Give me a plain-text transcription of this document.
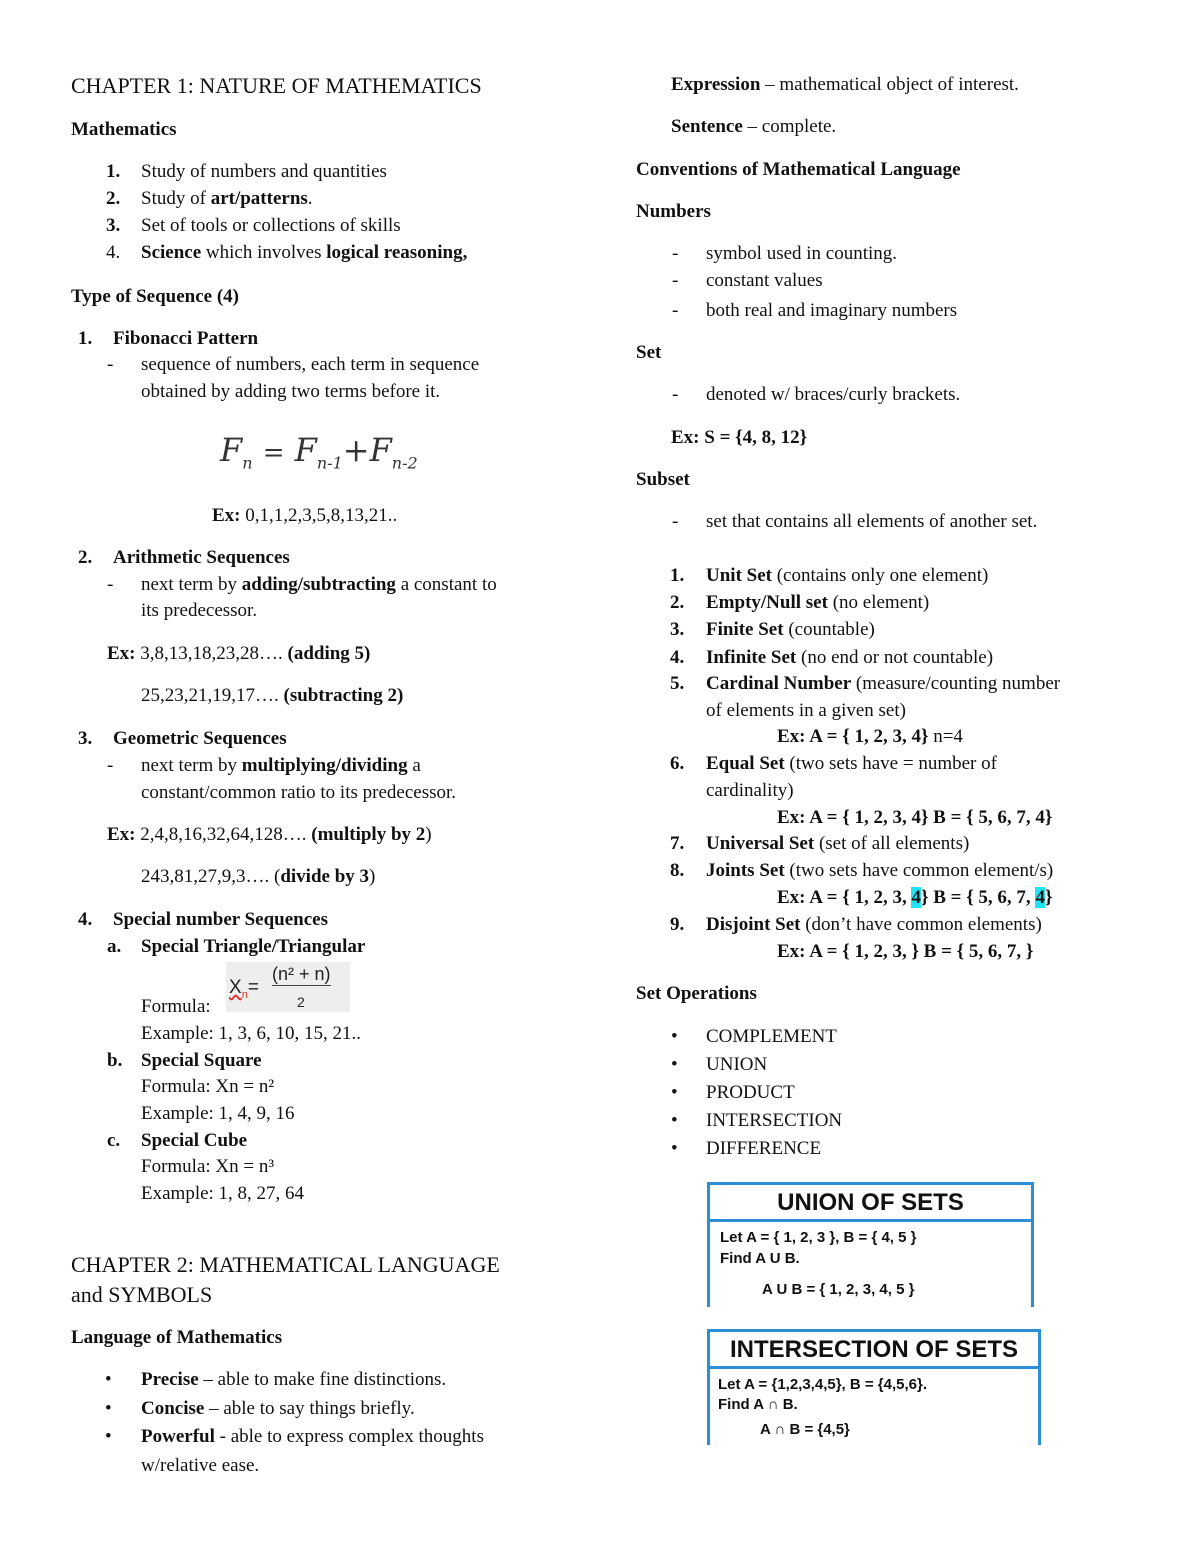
CHAPTER 1: NATURE OF MATHEMATICS
Mathematics
1. Study of numbers and quantities
2. Study of art/patterns.
3. Set of tools or collections of skills
4. Science which involves logical reasoning,
Type of Sequence (4)
1. Fibonacci Pattern
- sequence of numbers, each term in sequence
obtained by adding two terms before it.
$F_n = F_{n-1}+F_{n-2}$
Ex: 0,1,1,2,3,5,8,13,21..
2. Arithmetic Sequences
- next term by adding/subtracting a constant to
its predecessor.
Ex: 3,8,13,18,23,28…. (adding 5)
25,23,21,19,17…. (subtracting 2)
3. Geometric Sequences
- next term by multiplying/dividing a
constant/common ratio to its predecessor.
Ex: 2,4,8,16,32,64,128…. (multiply by 2)
243,81,27,9,3…. (divide by 3)
4. Special number Sequences
a. Special Triangle/Triangular
$X_n=$
(n² + n)
2
Formula:
Example: 1, 3, 6, 10, 15, 21..
b. Special Square
Formula: Xn = n²
Example: 1, 4, 9, 16
c. Special Cube
Formula: Xn = n³
Example: 1, 8, 27, 64
CHAPTER 2: MATHEMATICAL LANGUAGE
and SYMBOLS
Language of Mathematics
• Precise – able to make fine distinctions.
• Concise – able to say things briefly.
• Powerful - able to express complex thoughts
w/relative ease.
Expression – mathematical object of interest.
Sentence – complete.
Conventions of Mathematical Language
Numbers
- symbol used in counting.
- constant values
- both real and imaginary numbers
Set
- denoted w/ braces/curly brackets.
Ex: S = {4, 8, 12}
Subset
- set that contains all elements of another set.
1. Unit Set (contains only one element)
2. Empty/Null set (no element)
3. Finite Set (countable)
4. Infinite Set (no end or not countable)
5. Cardinal Number (measure/counting number
of elements in a given set)
Ex: A = { 1, 2, 3, 4} n=4
6. Equal Set (two sets have = number of
cardinality)
Ex: A = { 1, 2, 3, 4} B = { 5, 6, 7, 4}
7. Universal Set (set of all elements)
8. Joints Set (two sets have common element/s)
Ex: A = { 1, 2, 3, 4} B = { 5, 6, 7, 4}
9. Disjoint Set (don’t have common elements)
Ex: A = { 1, 2, 3, } B = { 5, 6, 7, }
Set Operations
• COMPLEMENT
• UNION
• PRODUCT
• INTERSECTION
• DIFFERENCE
UNION OF SETS
Let A = { 1, 2, 3 }, B = { 4, 5 }
Find A U B.
A U B = { 1, 2, 3, 4, 5 }
INTERSECTION OF SETS
Let A = {1,2,3,4,5}, B = {4,5,6}.
Find A ∩ B.
A ∩ B = {4,5}
